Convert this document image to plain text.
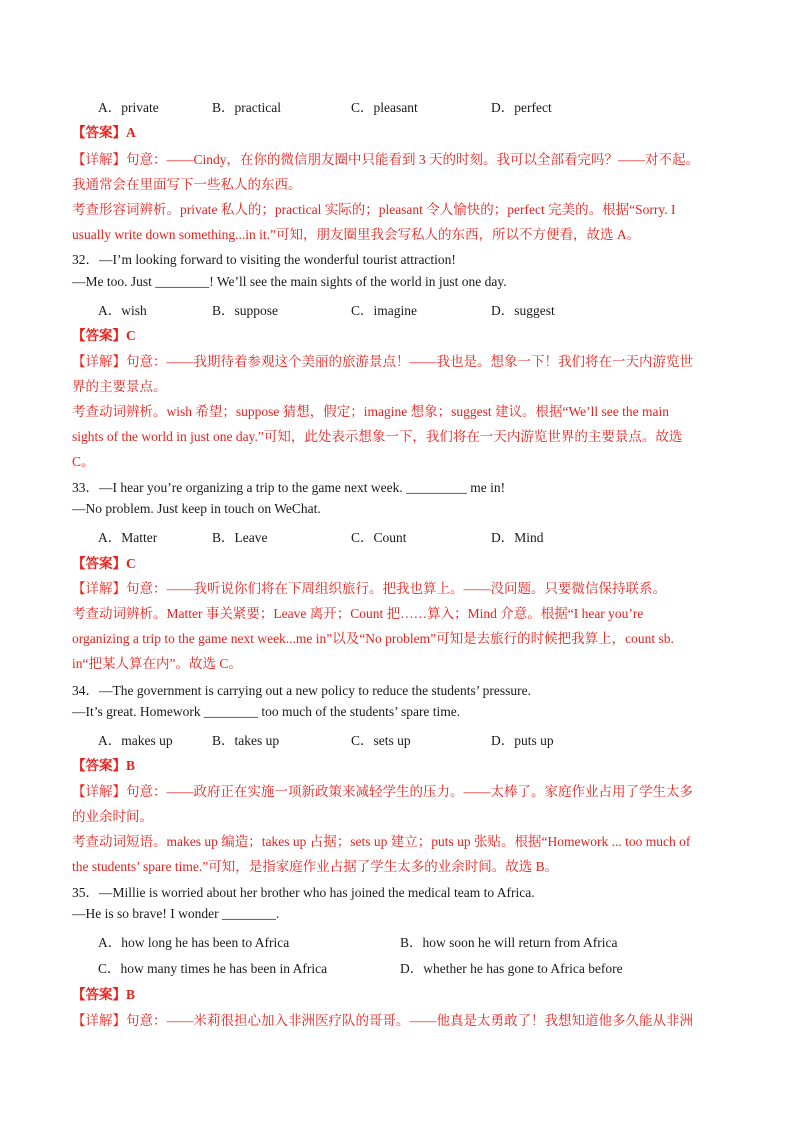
A．private	B．practical	C．pleasant	D．perfect
【答案】A
【详解】句意：——Cindy，在你的微信朋友圈中只能看到 3 天的时刻。我可以全部看完吗？——对不起。
我通常会在里面写下一些私人的东西。
考查形容词辨析。private 私人的；practical 实际的；pleasant 令人愉快的；perfect 完美的。根据“Sorry. I
usually write down something...in it.”可知，朋友圈里我会写私人的东西，所以不方便看，故选 A。
32．—I’m looking forward to visiting the wonderful tourist attraction!
—Me too. Just ________! We’ll see the main sights of the world in just one day.
A．wish	B．suppose	C．imagine	D．suggest
【答案】C
【详解】句意：——我期待着参观这个美丽的旅游景点！——我也是。想象一下！我们将在一天内游览世
界的主要景点。
考查动词辨析。wish 希望；suppose 猜想，假定；imagine 想象；suggest 建议。根据“We’ll see the main
sights of the world in just one day.”可知，此处表示想象一下，我们将在一天内游览世界的主要景点。故选
C。
33．—I hear you’re organizing a trip to the game next week. _________ me in!
—No problem. Just keep in touch on WeChat.
A．Matter	B．Leave	C．Count	D．Mind
【答案】C
【详解】句意：——我听说你们将在下周组织旅行。把我也算上。——没问题。只要微信保持联系。
考查动词辨析。Matter 事关紧要；Leave 离开；Count 把……算入；Mind 介意。根据“I hear you’re
organizing a trip to the game next week...me in”以及“No problem”可知是去旅行的时候把我算上，count sb.
in“把某人算在内”。故选 C。
34．—The government is carrying out a new policy to reduce the students’ pressure.
—It’s great. Homework ________ too much of the students’ spare time.
A．makes up	B．takes up	C．sets up	D．puts up
【答案】B
【详解】句意：——政府正在实施一项新政策来减轻学生的压力。——太棒了。家庭作业占用了学生太多
的业余时间。
考查动词短语。makes up 编造；takes up 占据；sets up 建立；puts up 张贴。根据“Homework ... too much of
the students’ spare time.”可知，是指家庭作业占据了学生太多的业余时间。故选 B。
35．—Millie is worried about her brother who has joined the medical team to Africa.
—He is so brave! I wonder ________.
A．how long he has been to Africa	B．how soon he will return from Africa
C．how many times he has been in Africa	D．whether he has gone to Africa before
【答案】B
【详解】句意：——米莉很担心加入非洲医疗队的哥哥。——他真是太勇敢了！我想知道他多久能从非洲
